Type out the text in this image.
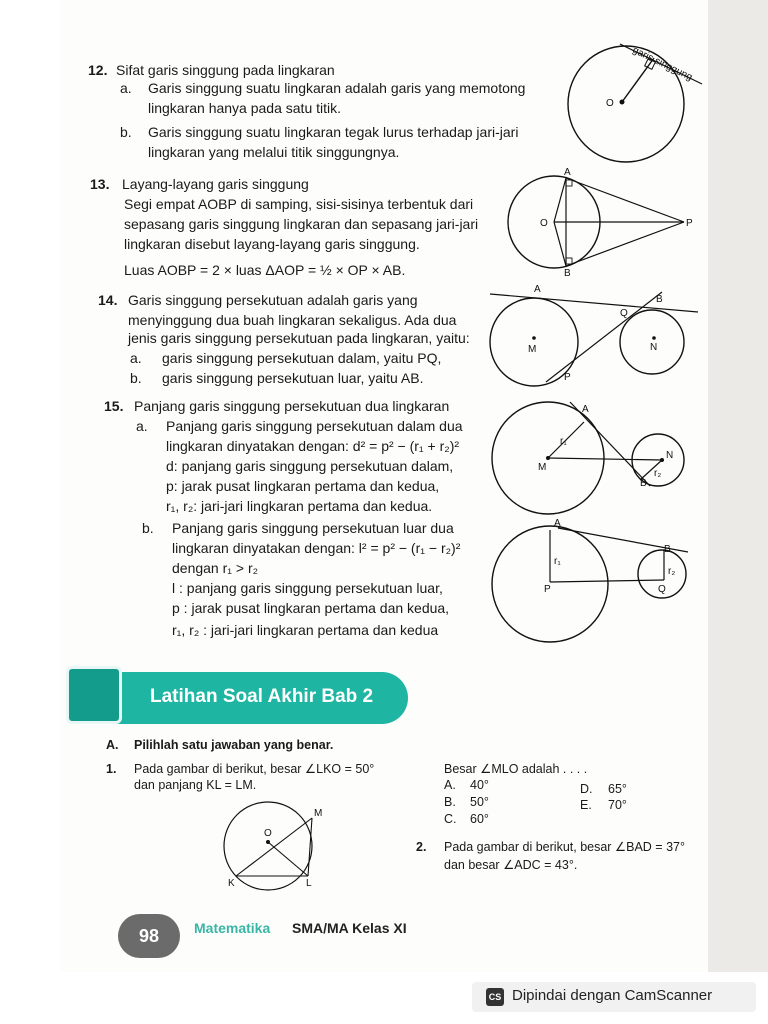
12. Sifat garis singgung pada lingkaran
a. Garis singgung suatu lingkaran adalah garis yang memotong
lingkaran hanya pada satu titik.
b. Garis singgung suatu lingkaran tegak lurus terhadap jari-jari
lingkaran yang melalui titik singgungnya.
O
garis singgung
13. Layang-layang garis singgung
Segi empat AOBP di samping, sisi-sisinya terbentuk dari
sepasang garis singgung lingkaran dan sepasang jari-jari
lingkaran disebut layang-layang garis singgung.
Luas AOBP = 2 × luas ΔAOP = ½ × OP × AB.
A
B
O	P
14. Garis singgung persekutuan adalah garis yang
menyinggung dua buah lingkaran sekaligus. Ada dua
jenis garis singgung persekutuan pada lingkaran, yaitu:
a. garis singgung persekutuan dalam, yaitu PQ,
b. garis singgung persekutuan luar, yaitu AB.
A
B
Q
M	N
P
15. Panjang garis singgung persekutuan dua lingkaran
a. Panjang garis singgung persekutuan dalam dua
lingkaran dinyatakan dengan: d² = p² − (r₁ + r₂)²
d: panjang garis singgung persekutuan dalam,
p: jarak pusat lingkaran pertama dan kedua,
r₁, r₂: jari-jari lingkaran pertama dan kedua.
b. Panjang garis singgung persekutuan luar dua
lingkaran dinyatakan dengan: l² = p² − (r₁ − r₂)²
dengan r₁ > r₂
l : panjang garis singgung persekutuan luar,
p : jarak pusat lingkaran pertama dan kedua,
r₁, r₂ : jari-jari lingkaran pertama dan kedua
A
r₁
M
N
r₂
B
A
r₁
P
B
r₂
Q
Latihan Soal Akhir Bab 2
A. Pilihlah satu jawaban yang benar.
1. Pada gambar di berikut, besar ∠LKO = 50°
dan panjang KL = LM.
O
M
K	L
Besar ∠MLO adalah . . . .
A. 40°
B. 50°
C. 60°
D. 65°
E. 70°
2. Pada gambar di berikut, besar ∠BAD = 37°
dan besar ∠ADC = 43°.
98	Matematika SMA/MA Kelas XI
CS Dipindai dengan CamScanner
